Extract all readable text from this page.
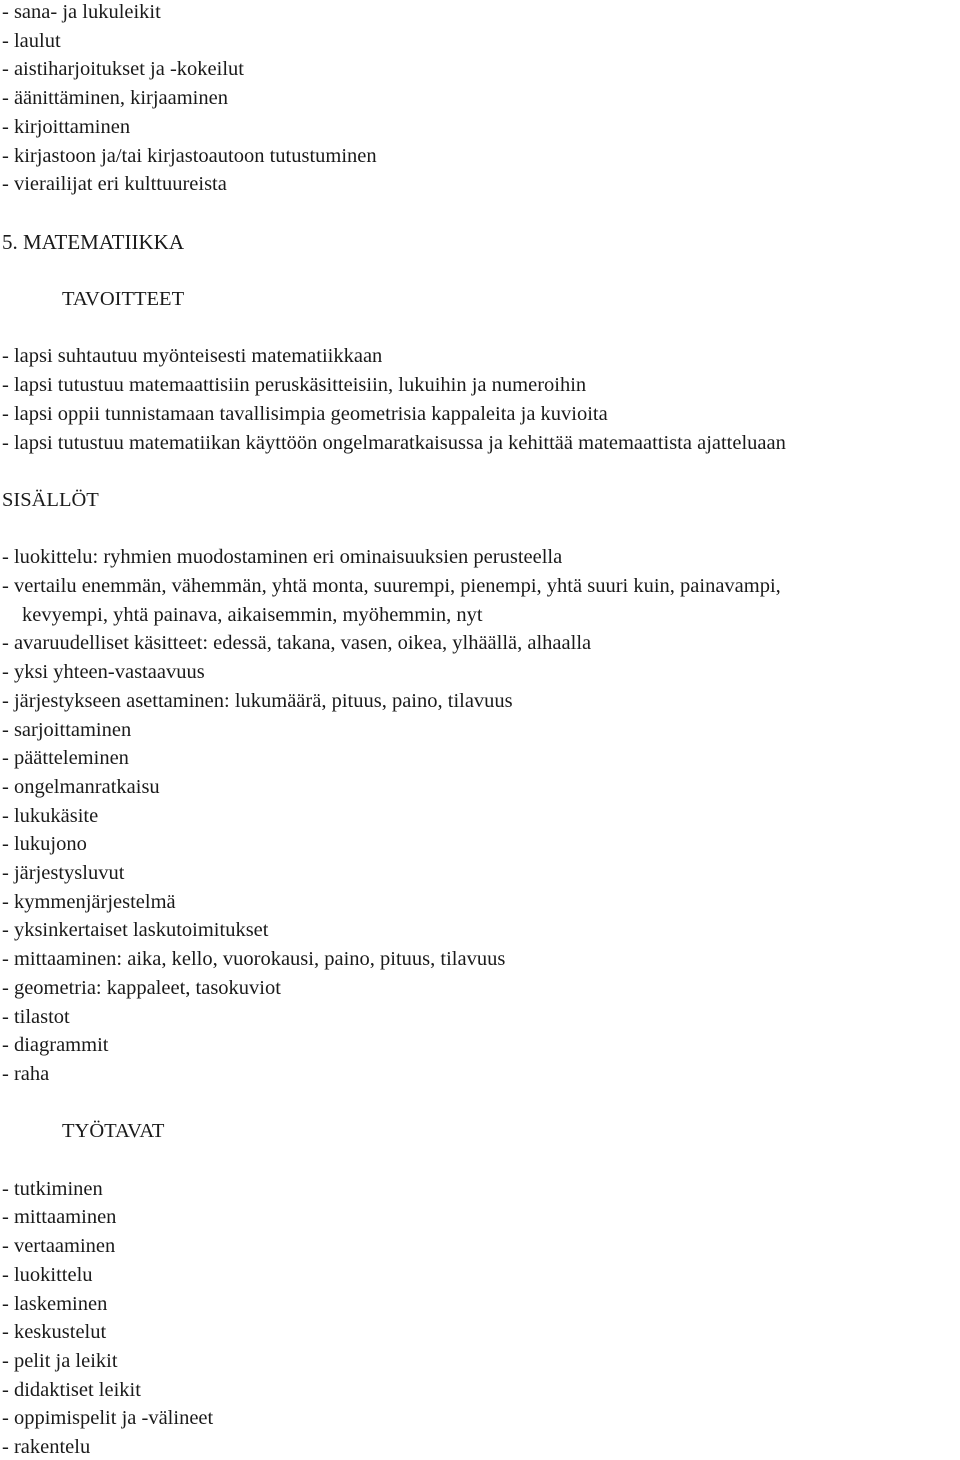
- sana- ja lukuleikit
- laulut
- aistiharjoitukset ja -kokeilut
- äänittäminen, kirjaaminen
- kirjoittaminen
- kirjastoon ja/tai kirjastoautoon tutustuminen
- vierailijat eri kulttuureista
5. MATEMATIIKKA
TAVOITTEET
- lapsi suhtautuu myönteisesti matematiikkaan
- lapsi tutustuu matemaattisiin peruskäsitteisiin, lukuihin ja numeroihin
- lapsi oppii tunnistamaan tavallisimpia geometrisia kappaleita ja kuvioita
- lapsi tutustuu matematiikan käyttöön ongelmaratkaisussa ja kehittää matemaattista ajatteluaan
SISÄLLÖT
- luokittelu: ryhmien muodostaminen eri ominaisuuksien perusteella
- vertailu enemmän, vähemmän, yhtä monta, suurempi, pienempi, yhtä suuri kuin, painavampi,
kevyempi, yhtä painava, aikaisemmin, myöhemmin, nyt
- avaruudelliset käsitteet: edessä, takana, vasen, oikea, ylhäällä, alhaalla
- yksi yhteen-vastaavuus
- järjestykseen asettaminen: lukumäärä, pituus, paino, tilavuus
- sarjoittaminen
- päätteleminen
- ongelmanratkaisu
- lukukäsite
- lukujono
- järjestysluvut
- kymmenjärjestelmä
- yksinkertaiset laskutoimitukset
- mittaaminen: aika, kello, vuorokausi, paino, pituus, tilavuus
- geometria: kappaleet, tasokuviot
- tilastot
- diagrammit
- raha
TYÖTAVAT
- tutkiminen
- mittaaminen
- vertaaminen
- luokittelu
- laskeminen
- keskustelut
- pelit ja leikit
- didaktiset leikit
- oppimispelit ja -välineet
- rakentelu
